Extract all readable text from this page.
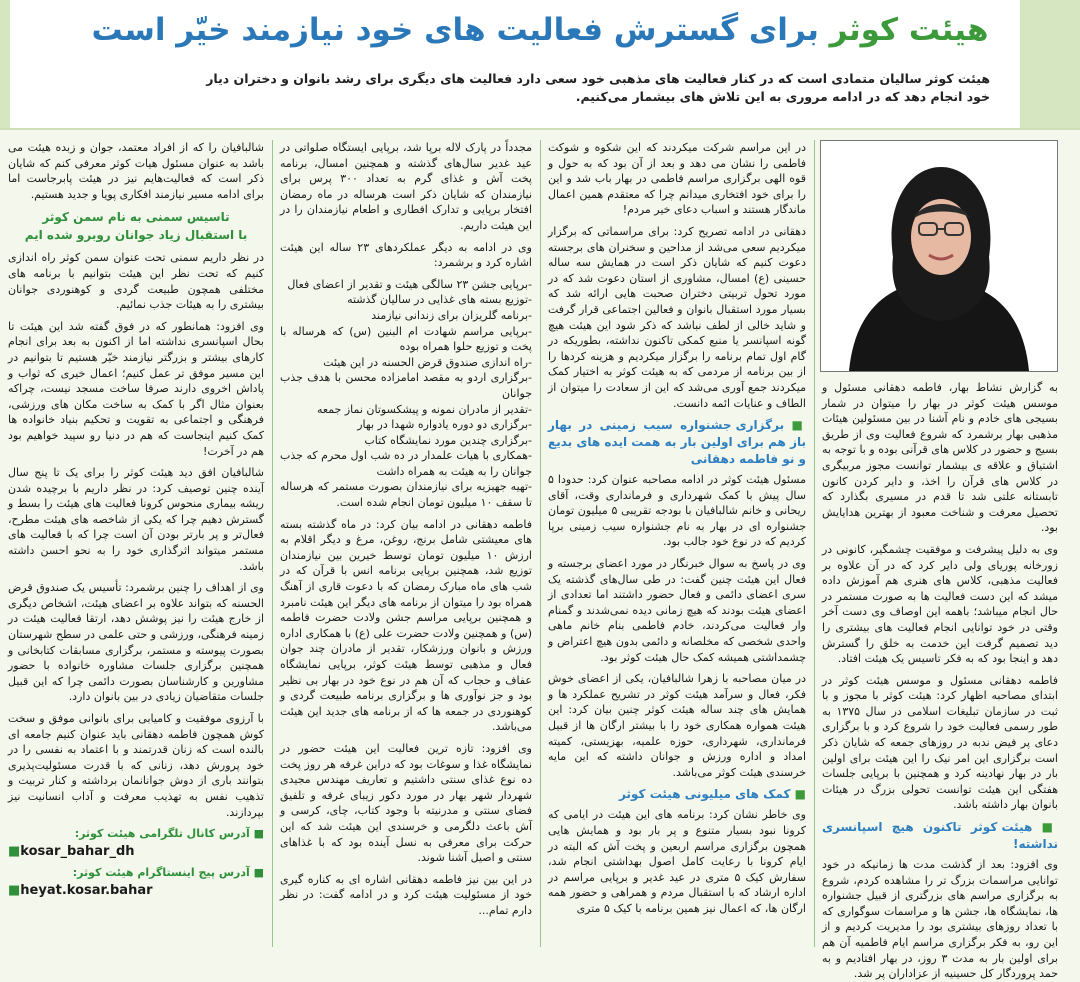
هیئت کوثر برای گسترش فعالیت های خود نیازمند خیّر است
هیئت کوثر سالیان متمادی است که در کنار فعالیت های مذهبی خود سعی دارد فعالیت های دیگری برای رشد بانوان و دختران دیار خود انجام دهد که در ادامه مروری به این تلاش های بیشمار می‌کنیم.

به گزارش نشاط بهار، فاطمه دهقانی مسئول و موسس هیئت کوثر در بهار را میتوان در شمار بسیجی های خادم و نام آشنا در بین مسئولین هیئات مذهبی بهار برشمرد که شروع فعالیت وی از طریق بسیج و حضور در کلاس های قرآنی بوده و با توجه به اشتیاق و علاقه ی بیشمار توانست مجوز مربیگری در کلاس های قرآن را اخذ، و دایر کردن کانون تابستانه علتی شد تا قدم در مسیری بگذارد که تحصیل معرفت و شناخت معبود از بهترین هدایایش بود.

وی به دلیل پیشرفت و موفقیت چشمگیر، کانونی در زورخانه پوریای ولی دایر کرد که در آن علاوه بر فعالیت مذهبی، کلاس های هنری هم آموزش داده میشد که این دست فعالیت ها به صورت مستمر در حال انجام میباشد؛ باهمه این اوصاف وی دست آخر وقتی در خود توانایی انجام فعالیت های بیشتری را دید تصمیم گرفت این خدمت به خلق را گسترش دهد و اینجا بود که به فکر تاسیس یک هیئت افتاد.

فاطمه دهقانی مسئول و موسس هیئت کوثر در ابتدای مصاحبه اظهار کرد: هیئت کوثر با مجوز و با ثبت در سازمان تبلیغات اسلامی در سال ۱۳۷۵ به طور رسمی فعالیت خود را شروع کرد و با برگزاری دعای پر فیض ندبه در روزهای جمعه که شایان ذکر است برگزاری این امر نیک را این هیئت برای اولین بار در بهار نهادینه کرد و همچنین با برپایی جلسات هفتگی این هیئت توانست تحولی بزرگ در هیئات بانوان بهار داشته باشد.

■ هیئت کوثر تاکنون هیچ اسپانسری نداشته!

وی افزود: بعد از گذشت مدت ها زمانیکه در خود توانایی مراسمات بزرگ تر را مشاهده کردم، شروع به برگزاری مراسم های بزرگتری از قبیل جشنواره ها، نمایشگاه ها، جشن ها و مراسمات سوگواری که با تعداد روزهای بیشتری بود را مدیریت کردیم و از این رو، به فکر برگزاری مراسم ایام فاطمیه آن هم برای اولین بار به مدت ۳ روز، در بهار افتادیم و به حمد پروردگار کل حسینیه از عزاداران پر شد.

در این مراسم شرکت میکردند که این شکوه و شوکت فاطمی را نشان می دهد و بعد از آن بود که به حول و قوه الهی برگزاری مراسم فاطمی در بهار باب شد و این را برای خود افتخاری میدانم چرا که معتقدم همین اعمال ماندگار هستند و اسباب دعای خیر مردم!

دهقانی در ادامه تصریح کرد: برای مراسماتی که برگزار میکردیم سعی می‌شد از مداحین و سخنران های برجسته دعوت کنیم که شایان ذکر است در همایش سه ساله حسینی (ع) امسال، مشاوری از استان دعوت شد که در مورد تحول تربیتی دختران صحبت هایی ارائه شد که بسیار مورد استقبال بانوان و فعالین اجتماعی قرار گرفت و شاید خالی از لطف نباشد که ذکر شود این هیئت هیچ گونه اسپانسر یا منبع کمکی تاکنون نداشته، بطوریکه در گام اول تمام برنامه را برگزار میکردیم و هزینه کردها را از بین برنامه از مردمی که به هیئت کوثر به اختیار کمک میکردند جمع آوری می‌شد که این از سعادت را میتوان از الطاف و عنایات ائمه دانست.

■ برگزاری جشنواره سیب زمینی در بهار باز هم برای اولین بار به همت ایده های بدیع و نو فاطمه دهقانی

مسئول هیئت کوثر در ادامه مصاحبه عنوان کرد: حدودا ۵ سال پیش با کمک شهرداری و فرمانداری وقت، آقای ریحانی و خانم شالبافیان با بودجه تقریبی ۵ میلیون تومان جشنواره ای در بهار به نام جشنواره سیب زمینی برپا کردیم که در نوع خود جالب بود.

وی در پاسخ به سوال خبرنگار در مورد اعضای برجسته و فعال این هیئت چنین گفت: در طی سال‌های گذشته یک سری اعضای دائمی و فعال حضور داشتند اما تعدادی از اعضای هیئت بودند که هیچ زمانی دیده نمی‌شدند و گمنام وار فعالیت می‌کردند، خادم فاطمی بنام خانم ماهی واحدی شخصی که مخلصانه و دائمی بدون هیچ اعتراض و چشمداشتی همیشه کمک حال هیئت کوثر بود.

در میان مصاحبه با زهرا شالبافیان، یکی از اعضای خوش فکر، فعال و سرآمد هیئت کوثر در تشریح عملکرد ها و همایش های چند ساله هیئت کوثر چنین بیان کرد: این هیئت همواره همکاری خود را با بیشتر ارگان ها از قبیل فرمانداری، شهرداری، حوزه علمیه، بهزیستی، کمیته امداد و اداره ورزش و جوانان داشته که این مایه خرسندی هیئت کوثر می‌باشد.

■ کمک های میلیونی هیئت کوثر

وی خاطر نشان کرد: برنامه های این هیئت در ایامی که کرونا نبود بسیار متنوع و پر بار بود و همایش هایی همچون برگزاری مراسم اربعین و پخت آش که البته در ایام کرونا با رعایت کامل اصول بهداشتی انجام شد، سفارش کیک ۵ متری در عید غدیر و برپایی مراسم در اداره ارشاد که با استقبال مردم و همراهی و حضور همه ارگان ها، که اعمال نیز همین برنامه با کیک ۵ متری

مجدداً در پارک لاله برپا شد، برپایی ایستگاه صلواتی در عید غدیر سال‌های گذشته و همچنین امسال، برنامه پخت آش و غذای گرم به تعداد ۳۰۰ پرس برای نیازمندان که شایان ذکر است هرساله در ماه رمضان افتخار برپایی و تدارک افطاری و اطعام نیازمندان را در این هیئت داریم.

وی در ادامه به دیگر عملکردهای ۲۳ ساله این هیئت اشاره کرد و برشمرد:

-برپایی جشن ۲۳ سالگی هیئت و تقدیر از اعضای فعال
-توزیع بسته های غذایی در سالیان گذشته
-برنامه گلریزان برای زندانی نیازمند
-برپایی مراسم شهادت ام البنین (س) که هرساله با پخت و توزیع حلوا همراه بوده
-راه اندازی صندوق قرض الحسنه در این هیئت
-برگزاری اردو به مقصد امامزاده محسن با هدف جذب جوانان
-تقدیر از مادران نمونه و پیشکسوتان نماز جمعه
-برگزاری دو دوره یادواره شهدا در بهار
-برگزاری چندین مورد نمایشگاه کتاب
-همکاری با هیات علمدار در ده شب اول محرم که جذب جوانان را به هیئت به همراه داشت
-تهیه جهیزیه برای نیازمندان بصورت مستمر که هرساله تا سقف ۱۰ میلیون تومان انجام شده است.

فاطمه دهقانی در ادامه بیان کرد: در ماه گذشته بسته های معیشتی شامل برنج، روغن، مرغ و دیگر اقلام به ارزش ۱۰ میلیون تومان توسط خیرین بین نیازمندان توزیع شد، همچنین برپایی برنامه انس با قرآن که در شب های ماه مبارک رمضان که با دعوت قاری از آهنگ همراه بود را میتوان از برنامه های دیگر این هیئت نامبرد و همچنین برپایی مراسم جشن ولادت حضرت فاطمه (س) و همچنین ولادت حضرت علی (ع) با همکاری اداره ورزش و بانوان ورزشکار، تقدیر از مادران چند جوان فعال و مذهبی توسط هیئت کوثر، برپایی نمایشگاه عفاف و حجاب که آن هم در نوع خود در بهار بی نظیر بود و جز نوآوری ها و برگزاری برنامه طبیعت گردی و کوهنوردی در جمعه ها که از برنامه های جدید این هیئت می‌باشد.

وی افزود: تازه ترین فعالیت این هیئت حضور در نمایشگاه غذا و سوغات بود که دراین غرفه هر روز پخت ده نوع غذای سنتی داشتیم و تعاریف مهندس مجیدی شهردار شهر بهار در مورد دکور زیبای غرفه و تلفیق فضای سنتی و مدرنیته با وجود کتاب، چای، کرسی و آش باعث دلگرمی و خرسندی این هیئت شد که این حرکت برای معرفی به نسل آینده بود که با غذاهای سنتی و اصیل آشنا شوند.

در این بین نیز فاطمه دهقانی اشاره ای به کناره گیری خود از مسئولیت هیئت کرد و در ادامه گفت: در نظر دارم تمام...

شالبافیان را که از افراد معتمد، جوان و زبده هیئت می باشد به عنوان مسئول هیات کوثر معرفی کنم که شایان ذکر است که فعالیت‌هایم نیز در هیئت پابرجاست اما برای ادامه مسیر نیازمند افکاری پویا و جدید هستیم.

تاسیس سمنی به نام سمن کوثر
با استقبال زیاد جوانان روبرو شده ایم

در نظر داریم سمنی تحت عنوان سمن کوثر راه اندازی کنیم که تحت نظر این هیئت بتوانیم با برنامه های مختلفی همچون طبیعت گردی و کوهنوردی جوانان بیشتری را به هیئات جذب نمائیم.

وی افزود: همانطور که در فوق گفته شد این هیئت تا بحال اسپانسری نداشته اما از اکنون به بعد برای انجام کارهای بیشتر و بزرگتر نیازمند خیّر هستیم تا بتوانیم در این مسیر موفق تر عمل کنیم؛ اعمال خیری که ثواب و پاداش اخروی دارند صرفا ساخت مسجد نیست، چراکه بعنوان مثال اگر با کمک به ساخت مکان های ورزشی، فرهنگی و اجتماعی به تقویت و تحکیم بنیاد خانواده ها کمک کنیم اینجاست که هم در دنیا رو سپید خواهیم بود هم در آخرت!

شالبافیان افق دید هیئت کوثر را برای یک تا پنج سال آینده چنین توصیف کرد: در نظر داریم با برچیده شدن ریشه بیماری منحوس کرونا فعالیت های هیئت را بسط و گسترش دهیم چرا که یکی از شاخصه های هیئت مطرح، فعال‌تر و پر بارتر بودن آن است چرا که با فعالیت های مستمر میتواند اثرگذاری خود را به نحو احسن داشته باشد.

وی از اهداف را چنین برشمرد: تأسیس یک صندوق قرض الحسنه که بتواند علاوه بر اعضای هیئت، اشخاص دیگری از خارج هیئت را نیز پوشش دهد، ارتقا فعالیت هیئت در زمینه فرهنگی، ورزشی و حتی علمی در سطح شهرستان بصورت پیوسته و مستمر، برگزاری مسابقات کتابخانی و همچنین برگزاری جلسات مشاوره خانواده با حضور مشاورین و کارشناسان بصورت دائمی چرا که این قبیل جلسات متقاضیان زیادی در بین بانوان دارد.

با آرزوی موفقیت و کامیابی برای بانوانی موفق و سخت کوش همچون فاطمه دهقانی باید عنوان کنیم جامعه ای بالنده است که زنان قدرتمند و با اعتماد به نفسی را در خود پرورش دهد، زنانی که با قدرت مسئولیت‌پذیری بتوانند باری از دوش جوانانمان برداشته و کنار تربیت و تذهیب نفس به تهذیب معرفت و آداب انسانیت نیز بپردازند.

■ آدرس کانال تلگرامی هیئت کوثر:
■kosar_bahar_dh
■ آدرس پیج اینستاگرام هیئت کوثر:
■heyat.kosar.bahar
